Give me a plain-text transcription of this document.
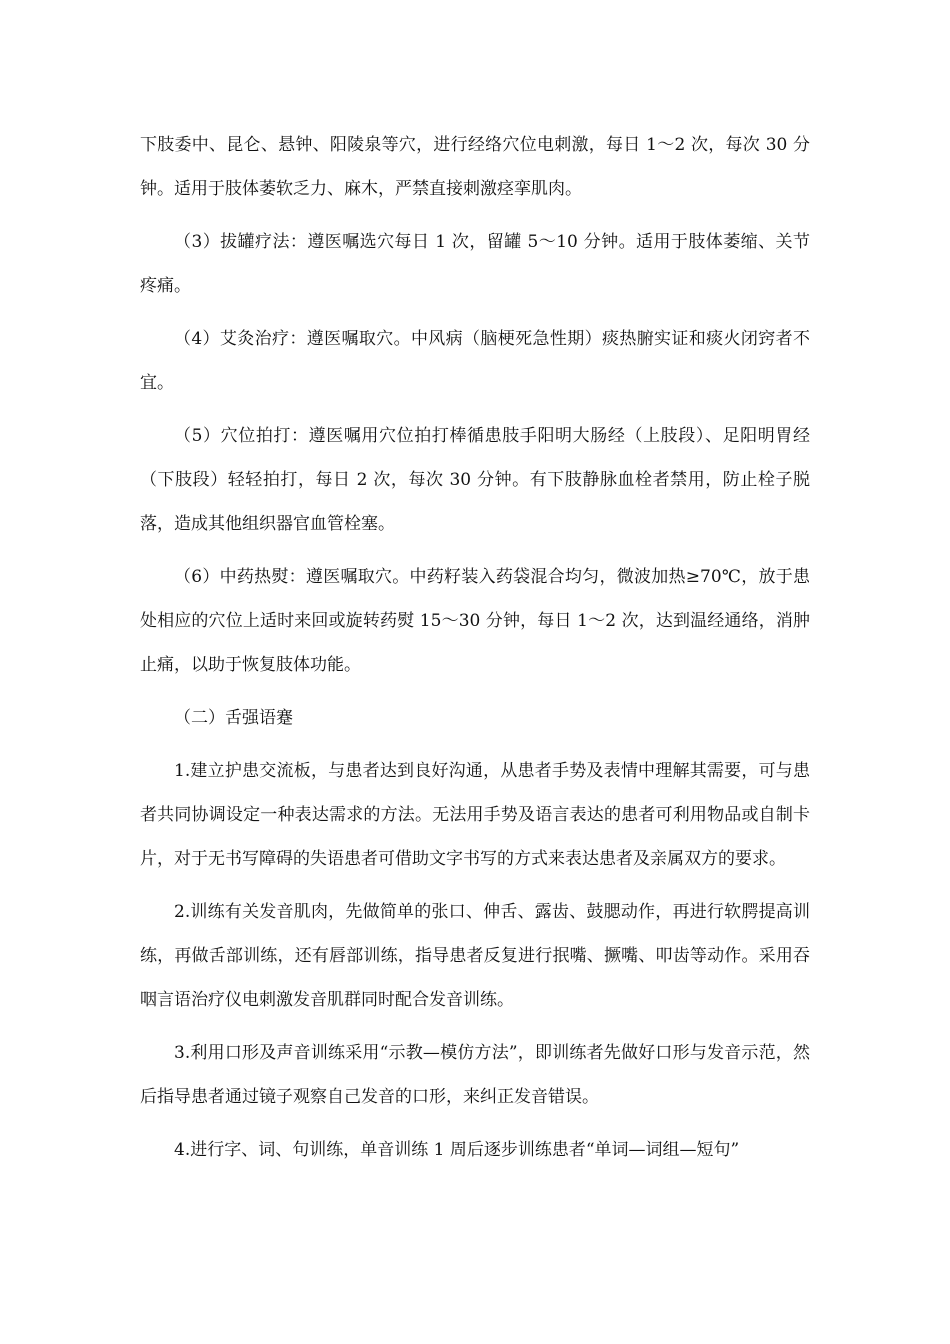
下肢委中、昆仑、悬钟、阳陵泉等穴，进行经络穴位电刺激，每日 1～2 次，每次 30 分钟。适用于肢体萎软乏力、麻木，严禁直接刺激痉挛肌肉。

（3）拔罐疗法：遵医嘱选穴每日 1 次，留罐 5～10 分钟。适用于肢体萎缩、关节疼痛。

（4）艾灸治疗：遵医嘱取穴。中风病（脑梗死急性期）痰热腑实证和痰火闭窍者不宜。

（5）穴位拍打：遵医嘱用穴位拍打棒循患肢手阳明大肠经（上肢段）、足阳明胃经（下肢段）轻轻拍打，每日 2 次，每次 30 分钟。有下肢静脉血栓者禁用，防止栓子脱落，造成其他组织器官血管栓塞。

（6）中药热熨：遵医嘱取穴。中药籽装入药袋混合均匀，微波加热≥70℃，放于患处相应的穴位上适时来回或旋转药熨 15～30 分钟，每日 1～2 次，达到温经通络，消肿止痛，以助于恢复肢体功能。

（二）舌强语蹇

1.建立护患交流板，与患者达到良好沟通，从患者手势及表情中理解其需要，可与患者共同协调设定一种表达需求的方法。无法用手势及语言表达的患者可利用物品或自制卡片，对于无书写障碍的失语患者可借助文字书写的方式来表达患者及亲属双方的要求。

2.训练有关发音肌肉，先做简单的张口、伸舌、露齿、鼓腮动作，再进行软腭提高训练，再做舌部训练，还有唇部训练，指导患者反复进行抿嘴、撅嘴、叩齿等动作。采用吞咽言语治疗仪电刺激发音肌群同时配合发音训练。

3.利用口形及声音训练采用“示教—模仿方法”，即训练者先做好口形与发音示范，然后指导患者通过镜子观察自己发音的口形，来纠正发音错误。

4.进行字、词、句训练，单音训练 1 周后逐步训练患者“单词—词组—短句”
